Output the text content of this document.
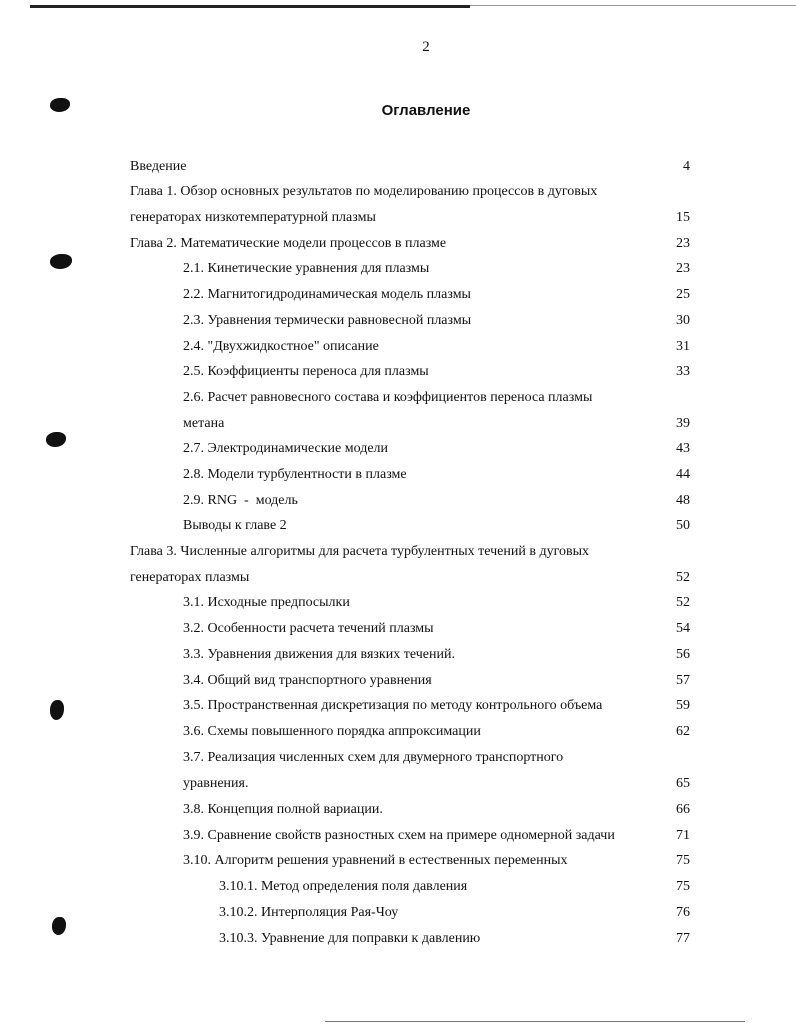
2
Оглавление
Введение	4
Глава 1. Обзор основных результатов по моделированию процессов в дуговых
генераторах низкотемпературной плазмы	15
Глава 2. Математические модели процессов в плазме	23
2.1. Кинетические уравнения для плазмы	23
2.2. Магнитогидродинамическая модель плазмы	25
2.3. Уравнения термически равновесной плазмы	30
2.4. "Двухжидкостное" описание	31
2.5. Коэффициенты переноса для плазмы	33
2.6. Расчет равновесного состава и коэффициентов переноса плазмы
метана	39
2.7. Электродинамические модели	43
2.8. Модели турбулентности в плазме	44
2.9. RNG  -  модель	48
Выводы к главе 2	50
Глава 3. Численные алгоритмы для расчета турбулентных течений в дуговых
генераторах плазмы	52
3.1. Исходные предпосылки	52
3.2. Особенности расчета течений плазмы	54
3.3. Уравнения движения для вязких течений.	56
3.4. Общий вид транспортного уравнения	57
3.5. Пространственная дискретизация по методу контрольного объема	59
3.6. Схемы повышенного порядка аппроксимации	62
3.7. Реализация численных схем для двумерного транспортного
уравнения.	65
3.8. Концепция полной вариации.	66
3.9. Сравнение свойств разностных схем на примере одномерной задачи	71
3.10. Алгоритм решения уравнений в естественных переменных	75
3.10.1. Метод определения поля давления	75
3.10.2. Интерполяция Рая-Чоу	76
3.10.3. Уравнение для поправки к давлению	77
